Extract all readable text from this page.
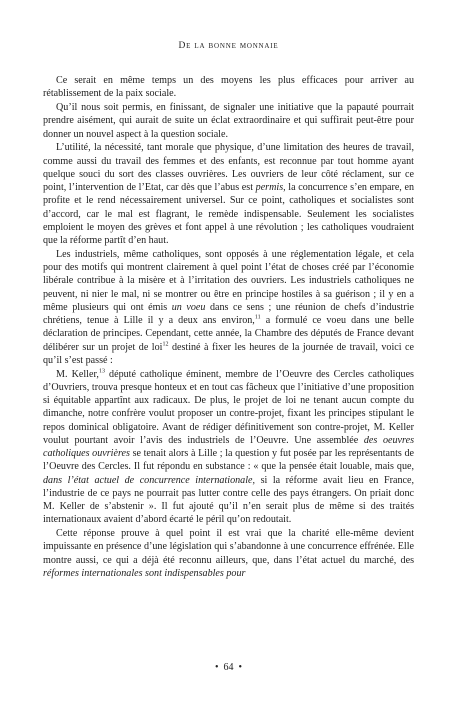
De la bonne monnaie

Ce serait en même temps un des moyens les plus efficaces pour arriver au rétablissement de la paix sociale.

Qu’il nous soit permis, en finissant, de signaler une initiative que la papauté pourrait prendre aisément, qui aurait de suite un éclat extraordinaire et qui suffirait peut-être pour donner un nouvel aspect à la question sociale.

L’utilité, la nécessité, tant morale que physique, d’une limitation des heures de travail, comme aussi du travail des femmes et des enfants, est reconnue par tout homme ayant quelque souci du sort des classes ouvrières. Les ouvriers de leur côté réclament, sur ce point, l’intervention de l’Etat, car dès que l’abus est permis, la concurrence s’en empare, en profite et le rend nécessairement universel. Sur ce point, catholiques et socialistes sont d’accord, car le mal est flagrant, le remède indispensable. Seulement les socialistes emploient le moyen des grèves et font appel à une révolution ; les catholiques voudraient que la réforme partît d’en haut.

Les industriels, même catholiques, sont opposés à une réglementation légale, et cela pour des motifs qui montrent clairement à quel point l’état de choses créé par l’économie libérale contribue à la misère et à l’irritation des ouvriers. Les industriels catholiques ne peuvent, ni nier le mal, ni se montrer ou être en principe hostiles à sa guérison ; il y en a même plusieurs qui ont émis un voeu dans ce sens ; une réunion de chefs d’industrie chrétiens, tenue à Lille il y a deux ans environ,$^{11}$ a formulé ce voeu dans une belle déclaration de principes. Cependant, cette année, la Chambre des députés de France devant délibérer sur un projet de loi$^{12}$ destiné à fixer les heures de la journée de travail, voici ce qu’il s’est passé :

M. Keller,$^{13}$ député catholique éminent, membre de l’Oeuvre des Cercles catholiques d’Ouvriers, trouva presque honteux et en tout cas fâcheux que l’initiative d’une proposition si équitable appartînt aux radicaux. De plus, le projet de loi ne tenant aucun compte du dimanche, notre confrère voulut proposer un contre-projet, fixant les principes stipulant le repos dominical obligatoire. Avant de rédiger définitivement son contre-projet, M. Keller voulut pourtant avoir l’avis des industriels de l’Oeuvre. Une assemblée des oeuvres catholiques ouvrières se tenait alors à Lille ; la question y fut posée par les représentants de l’Oeuvre des Cercles. Il fut répondu en substance : « que la pensée était louable, mais que, dans l’état actuel de concurrence internationale, si la réforme avait lieu en France, l’industrie de ce pays ne pourrait pas lutter contre celle des pays étrangers. On priait donc M. Keller de s’abstenir ». Il fut ajouté qu’il n’en serait plus de même si des traités internationaux avaient d’abord écarté le péril qu’on redoutait.

Cette réponse prouve à quel point il est vrai que la charité elle-même devient impuissante en présence d’une législation qui s’abandonne à une concurrence effrénée. Elle montre aussi, ce qui a déjà été reconnu ailleurs, que, dans l’état actuel du marché, des réformes internationales sont indispensables pour

• 64 •
